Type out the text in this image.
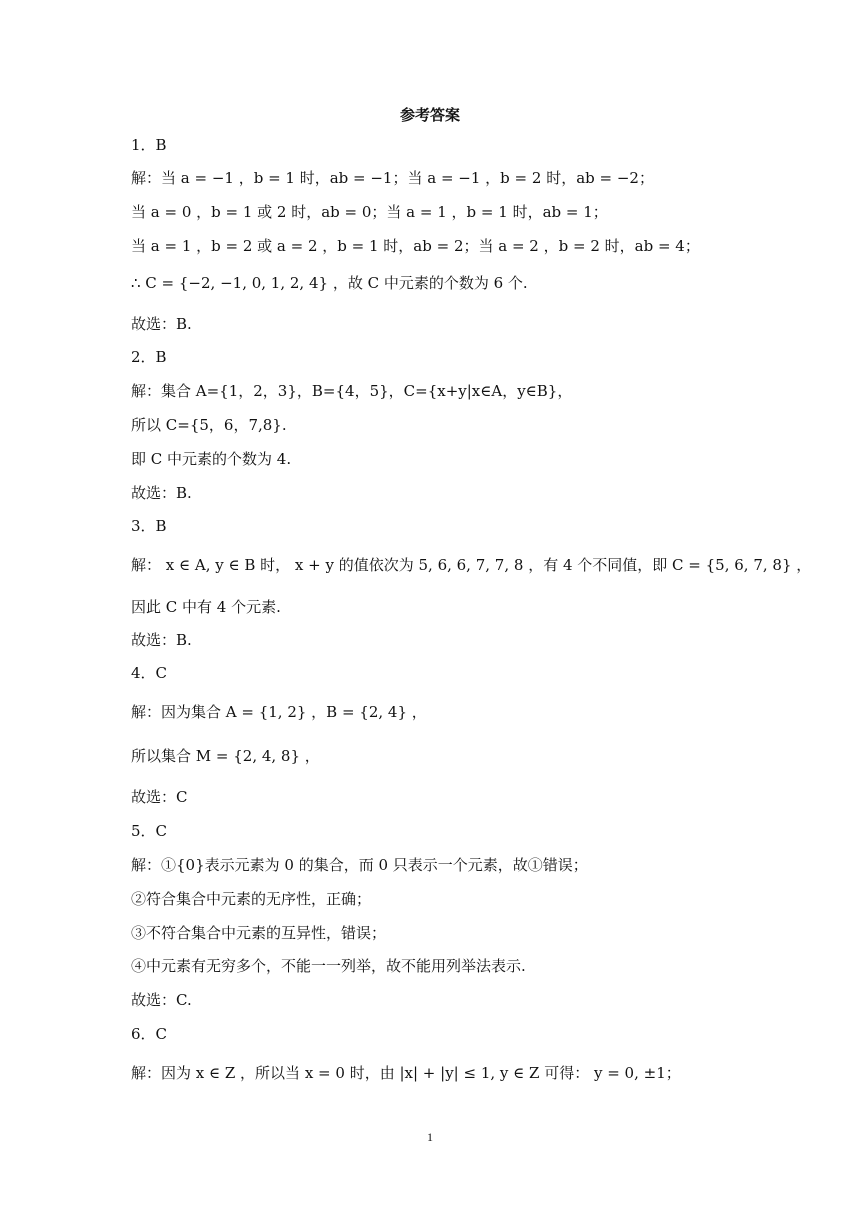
参考答案
1．B
解：当 a = −1 ，b = 1 时，ab = −1；当 a = −1 ，b = 2 时，ab = −2；
当 a = 0 ，b = 1 或 2 时，ab = 0；当 a = 1 ，b = 1 时，ab = 1；
当 a = 1 ，b = 2 或 a = 2 ，b = 1 时，ab = 2；当 a = 2 ，b = 2 时，ab = 4；
∴ C = {−2, −1, 0, 1, 2, 4} ，故 C 中元素的个数为 6 个.
故选：B.
2．B
解：集合 A={1，2，3}，B={4，5}，C={x+y|x∈A，y∈B}，
所以 C={5，6，7,8}.
即 C 中元素的个数为 4.
故选：B.
3．B
解： x ∈ A, y ∈ B 时， x + y 的值依次为 5, 6, 6, 7, 7, 8 ，有 4 个不同值，即 C = {5, 6, 7, 8} ，
因此 C 中有 4 个元素.
故选：B.
4．C
解：因为集合 A = {1, 2} ，B = {2, 4} ，
所以集合 M = {2, 4, 8} ，
故选：C
5．C
解：①{0}表示元素为 0 的集合，而 0 只表示一个元素，故①错误；
②符合集合中元素的无序性，正确；
③不符合集合中元素的互异性，错误；
④中元素有无穷多个，不能一一列举，故不能用列举法表示.
故选：C.
6．C
解：因为 x ∈ Z ，所以当 x = 0 时，由 |x| + |y| ≤ 1, y ∈ Z 可得： y = 0, ±1；
1
